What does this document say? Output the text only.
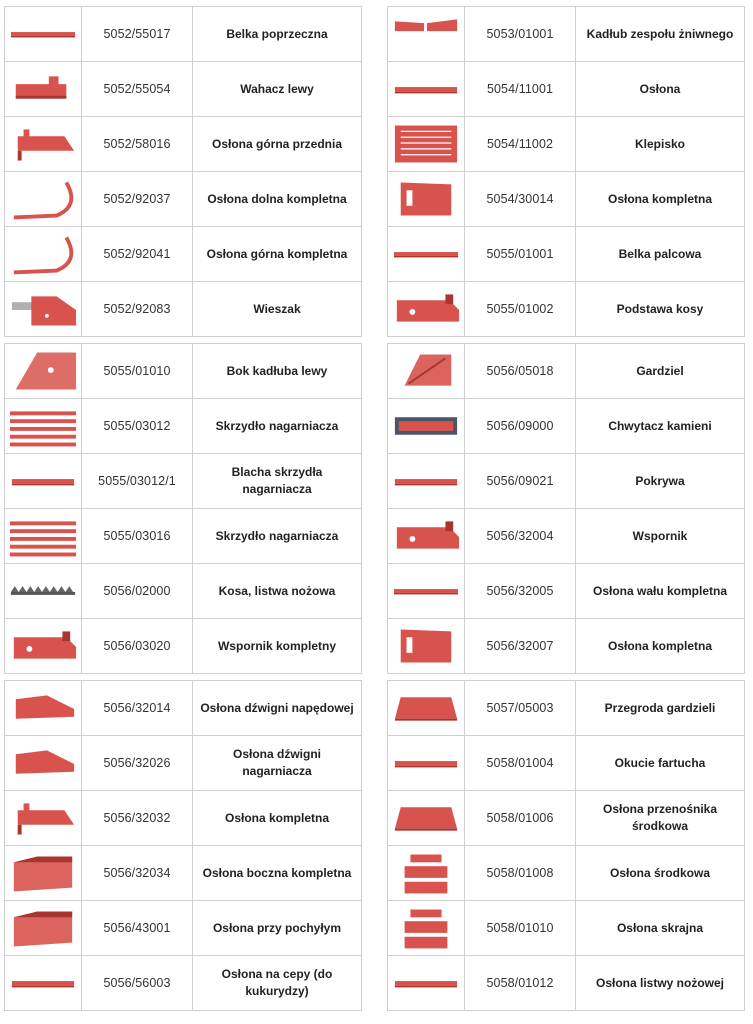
5052/55017	Belka poprzeczna
5052/55054	Wahacz lewy
5052/58016	Osłona górna przednia
5052/92037	Osłona dolna kompletna
5052/92041	Osłona górna kompletna
5052/92083	Wieszak
5055/01010	Bok kadłuba lewy
5055/03012	Skrzydło nagarniacza
5055/03012/1
Blacha skrzydła nagarniacza
5055/03016	Skrzydło nagarniacza
5056/02000	Kosa, listwa nożowa
5056/03020	Wspornik kompletny
5056/32014	Osłona dźwigni napędowej
5056/32026
Osłona dźwigni nagarniacza
5056/32032	Osłona kompletna
5056/32034	Osłona boczna kompletna
5056/43001	Osłona przy pochyłym
5056/56003
Osłona na cepy (do kukurydzy)
5053/01001	Kadłub zespołu żniwnego
5054/11001	Osłona
5054/11002	Klepisko
5054/30014	Osłona kompletna
5055/01001	Belka palcowa
5055/01002	Podstawa kosy
5056/05018	Gardziel
5056/09000	Chwytacz kamieni
5056/09021	Pokrywa
5056/32004	Wspornik
5056/32005	Osłona wału kompletna
5056/32007	Osłona kompletna
5057/05003	Przegroda gardzieli
5058/01004	Okucie fartucha
5058/01006
Osłona przenośnika środkowa
5058/01008	Osłona środkowa
5058/01010	Osłona skrajna
5058/01012	Osłona listwy nożowej
